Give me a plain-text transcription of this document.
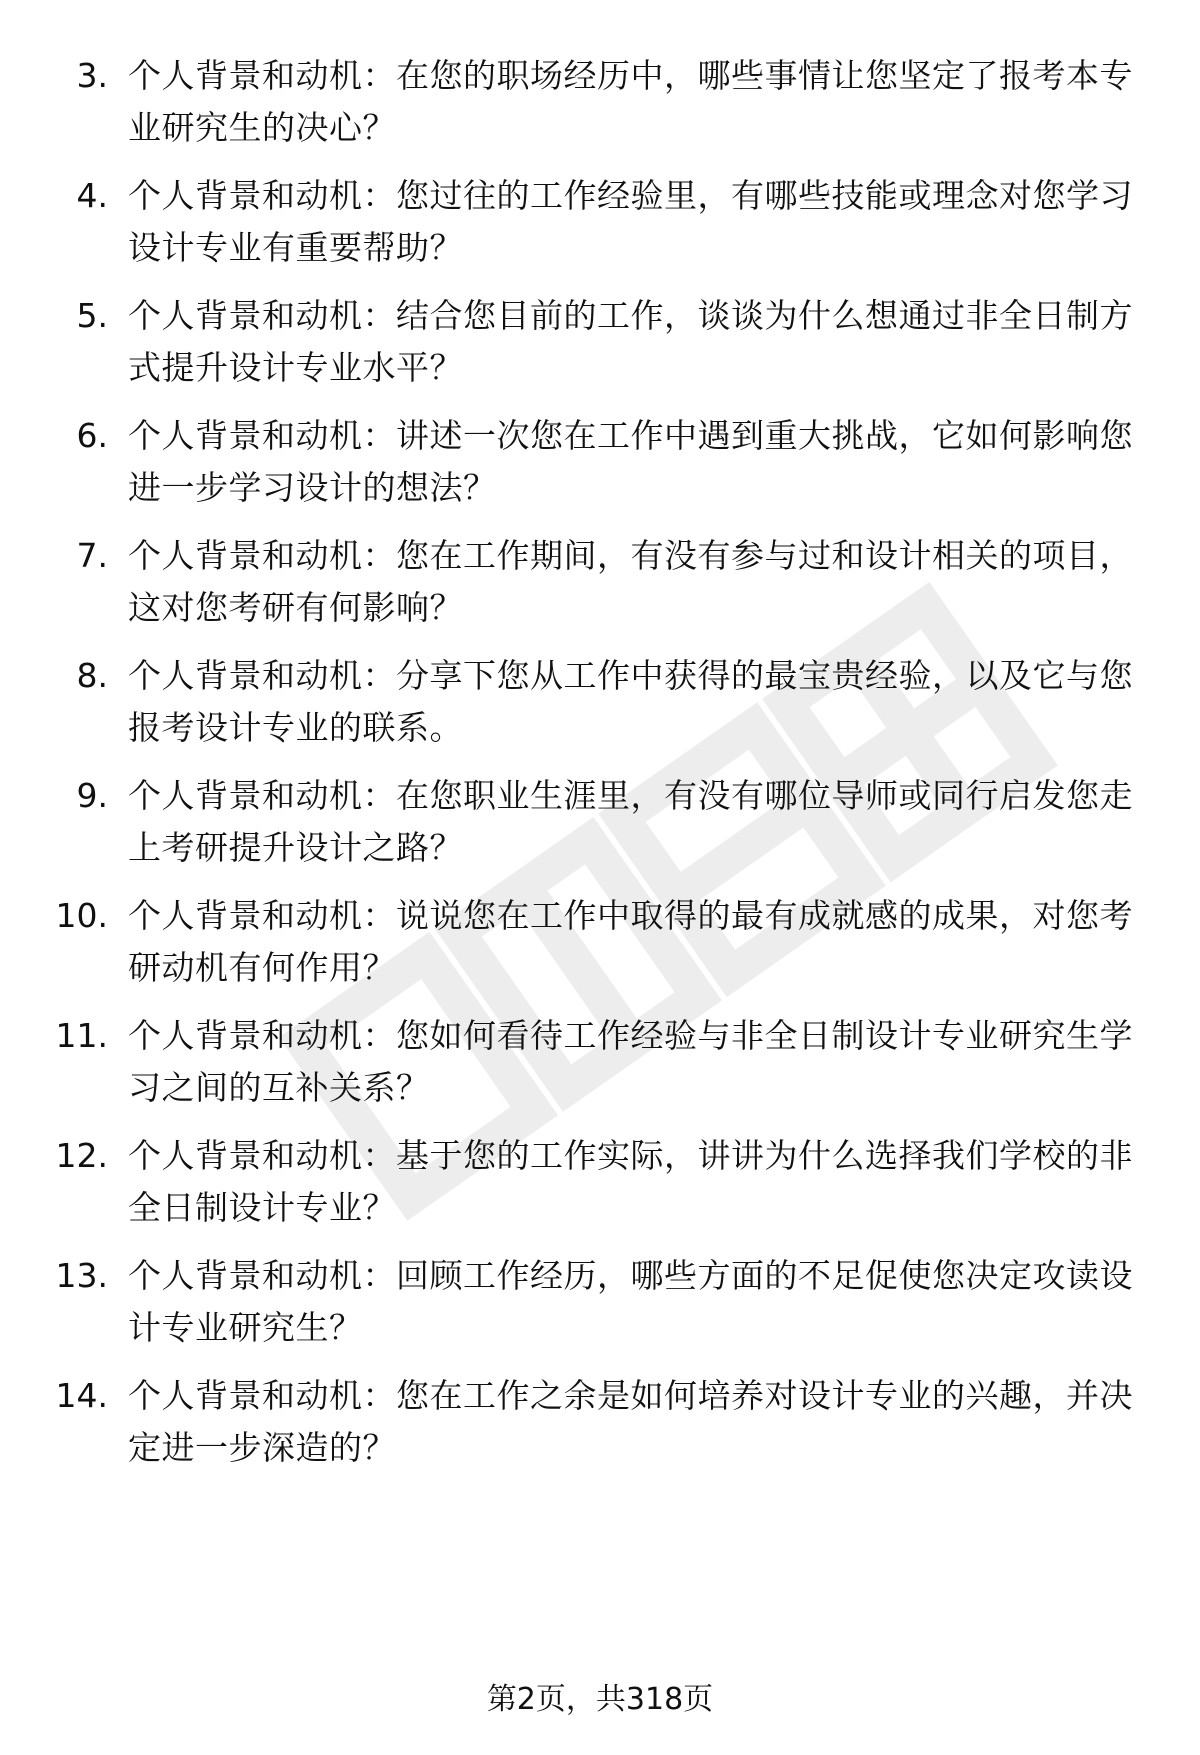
3. 个人背景和动机：在您的职场经历中，哪些事情让您坚定了报考本专业研究生的决心？
4. 个人背景和动机：您过往的工作经验里，有哪些技能或理念对您学习设计专业有重要帮助？
5. 个人背景和动机：结合您目前的工作，谈谈为什么想通过非全日制方式提升设计专业水平？
6. 个人背景和动机：讲述一次您在工作中遇到重大挑战，它如何影响您进一步学习设计的想法？
7. 个人背景和动机：您在工作期间，有没有参与过和设计相关的项目，这对您考研有何影响？
8. 个人背景和动机：分享下您从工作中获得的最宝贵经验，以及它与您报考设计专业的联系。
9. 个人背景和动机：在您职业生涯里，有没有哪位导师或同行启发您走上考研提升设计之路？
10. 个人背景和动机：说说您在工作中取得的最有成就感的成果，对您考研动机有何作用？
11. 个人背景和动机：您如何看待工作经验与非全日制设计专业研究生学习之间的互补关系？
12. 个人背景和动机：基于您的工作实际，讲讲为什么选择我们学校的非全日制设计专业？
13. 个人背景和动机：回顾工作经历，哪些方面的不足促使您决定攻读设计专业研究生？
14. 个人背景和动机：您在工作之余是如何培养对设计专业的兴趣，并决定进一步深造的？
第2页，共318页
